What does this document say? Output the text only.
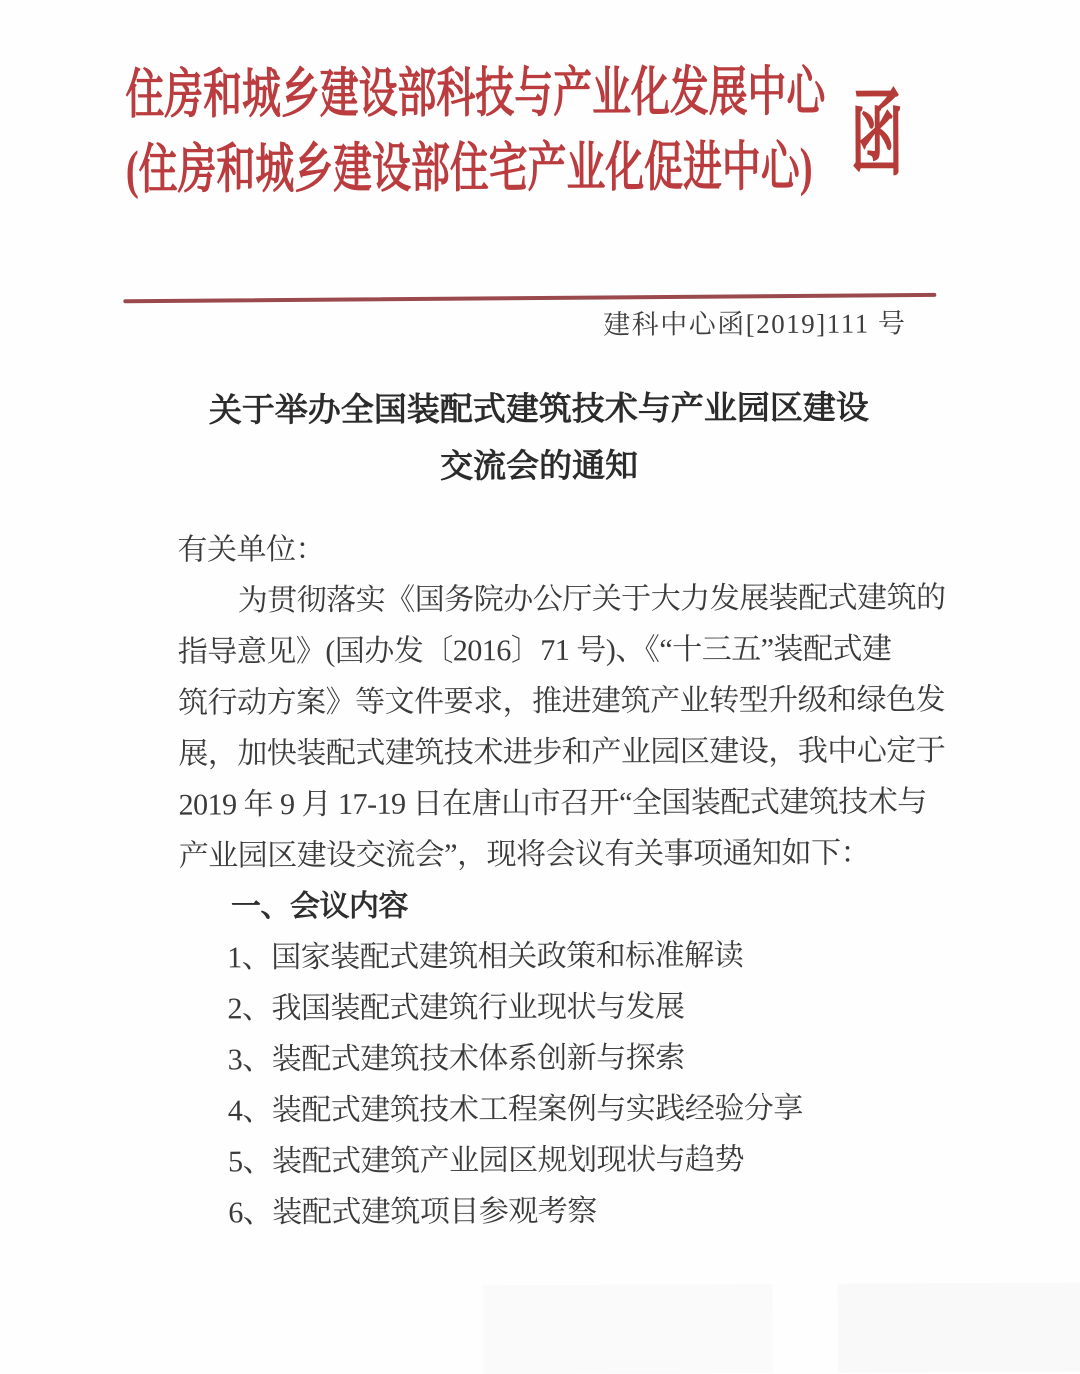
住房和城乡建设部科技与产业化发展中心
(住房和城乡建设部住宅产业化促进中心) 函
建科中心函[2019]111 号
关于举办全国装配式建筑技术与产业园区建设
交流会的通知
有关单位：
为贯彻落实《国务院办公厅关于大力发展装配式建筑的
指导意见》(国办发〔2016〕71 号)、《“十三五”装配式建
筑行动方案》等文件要求，推进建筑产业转型升级和绿色发
展，加快装配式建筑技术进步和产业园区建设，我中心定于
2019 年 9 月 17-19 日在唐山市召开“全国装配式建筑技术与
产业园区建设交流会”，现将会议有关事项通知如下：
一、会议内容
1、国家装配式建筑相关政策和标准解读
2、我国装配式建筑行业现状与发展
3、装配式建筑技术体系创新与探索
4、装配式建筑技术工程案例与实践经验分享
5、装配式建筑产业园区规划现状与趋势
6、装配式建筑项目参观考察
